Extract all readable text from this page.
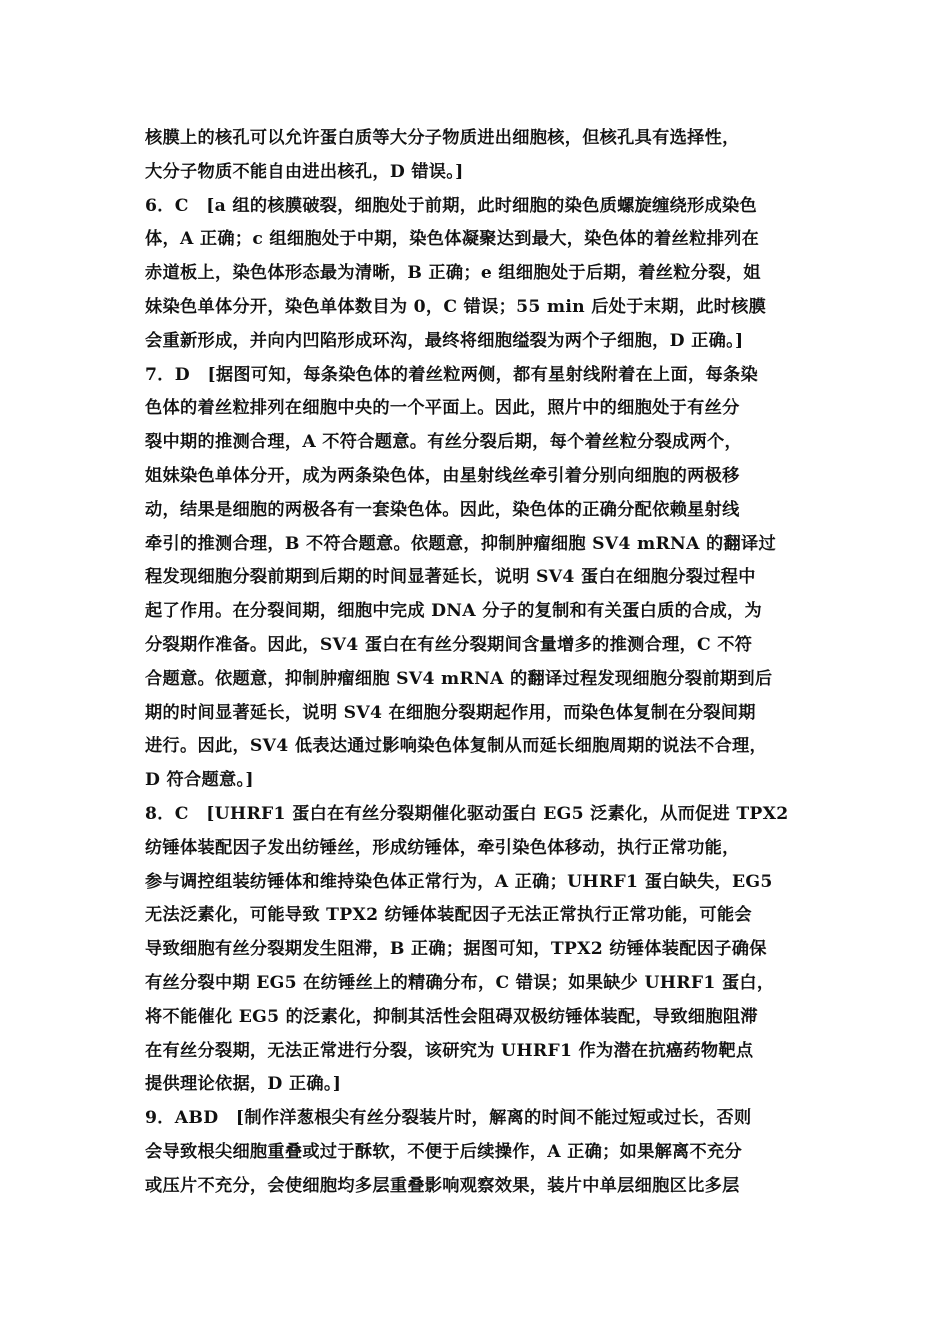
核膜上的核孔可以允许蛋白质等大分子物质进出细胞核，但核孔具有选择性，
大分子物质不能自由进出核孔，D 错误。]
6．C　[a 组的核膜破裂，细胞处于前期，此时细胞的染色质螺旋缠绕形成染色
体，A 正确；c 组细胞处于中期，染色体凝聚达到最大，染色体的着丝粒排列在
赤道板上，染色体形态最为清晰，B 正确；e 组细胞处于后期，着丝粒分裂，姐
妹染色单体分开，染色单体数目为 0，C 错误；55 min 后处于末期，此时核膜
会重新形成，并向内凹陷形成环沟，最终将细胞缢裂为两个子细胞，D 正确。]
7．D　[据图可知，每条染色体的着丝粒两侧，都有星射线附着在上面，每条染
色体的着丝粒排列在细胞中央的一个平面上。因此，照片中的细胞处于有丝分
裂中期的推测合理，A 不符合题意。有丝分裂后期，每个着丝粒分裂成两个，
姐妹染色单体分开，成为两条染色体，由星射线丝牵引着分别向细胞的两极移
动，结果是细胞的两极各有一套染色体。因此，染色体的正确分配依赖星射线
牵引的推测合理，B 不符合题意。依题意，抑制肿瘤细胞 SV4 mRNA 的翻译过
程发现细胞分裂前期到后期的时间显著延长，说明 SV4 蛋白在细胞分裂过程中
起了作用。在分裂间期，细胞中完成 DNA 分子的复制和有关蛋白质的合成，为
分裂期作准备。因此，SV4 蛋白在有丝分裂期间含量增多的推测合理，C 不符
合题意。依题意，抑制肿瘤细胞 SV4 mRNA 的翻译过程发现细胞分裂前期到后
期的时间显著延长，说明 SV4 在细胞分裂期起作用，而染色体复制在分裂间期
进行。因此，SV4 低表达通过影响染色体复制从而延长细胞周期的说法不合理，
D 符合题意。]
8．C　[UHRF1 蛋白在有丝分裂期催化驱动蛋白 EG5 泛素化，从而促进 TPX2
纺锤体装配因子发出纺锤丝，形成纺锤体，牵引染色体移动，执行正常功能，
参与调控组装纺锤体和维持染色体正常行为，A 正确；UHRF1 蛋白缺失，EG5
无法泛素化，可能导致 TPX2 纺锤体装配因子无法正常执行正常功能，可能会
导致细胞有丝分裂期发生阻滞，B 正确；据图可知，TPX2 纺锤体装配因子确保
有丝分裂中期 EG5 在纺锤丝上的精确分布，C 错误；如果缺少 UHRF1 蛋白，
将不能催化 EG5 的泛素化，抑制其活性会阻碍双极纺锤体装配，导致细胞阻滞
在有丝分裂期，无法正常进行分裂，该研究为 UHRF1 作为潜在抗癌药物靶点
提供理论依据，D 正确。]
9．ABD　[制作洋葱根尖有丝分裂装片时，解离的时间不能过短或过长，否则
会导致根尖细胞重叠或过于酥软，不便于后续操作，A 正确；如果解离不充分
或压片不充分，会使细胞均多层重叠影响观察效果，装片中单层细胞区比多层
